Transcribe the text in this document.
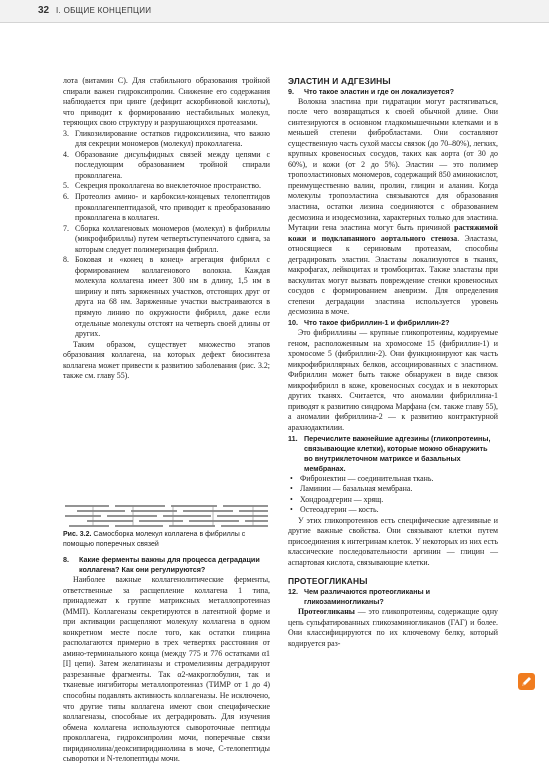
32 I. ОБЩИЕ КОНЦЕПЦИИ

лота (витамин С). Для стабильного образования тройной спирали важен гидроксипролин. Снижение его содержания наблюдается при цинге (дефицит аскорбиновой кислоты), что приводит к формированию нестабильных молекул, теряющих свою структуру и разрушающихся протеазами.

3. Гликозилирование остатков гидроксилизина, что важно для секреции мономеров (молекул) проколлагена.

4. Образование дисульфидных связей между цепями с последующим образованием тройной спирали проколлагена.

5. Секреция проколлагена во внеклеточное пространство.

6. Протеолиз амино- и карбоксил-концевых телопептидов проколлагенпептидазой, что приводит к преобразованию проколлагена в коллаген.

7. Сборка коллагеновых мономеров (молекул) в фибриллы (микрофибриллы) путем четвертьступенчатого сдвига, за которым следует полимеризация фибрилл.

8. Боковая и «конец в конец» агрегация фибрилл с формированием коллагенового волокна. Каждая молекула коллагена имеет 300 нм в длину, 1,5 нм в ширину и пять заряженных участков, отстоящих друг от друга на 68 нм. Заряженные участки выстраиваются в прямую линию по окружности фибрилл, даже если отдельные молекулы отстоят на четверть своей длины от других.

Таким образом, существует множество этапов образования коллагена, на которых дефект биосинтеза коллагена может привести к развитию заболевания (рис. 3.2; также см. главу 55).

Рис. 3.2. Самосборка молекул коллагена в фибриллы с помощью поперечных связей

8. Какие ферменты важны для процесса деградации коллагена? Как они регулируются?

Наиболее важные коллагенолитические ферменты, ответственные за расщепление коллагена 1 типа, принадлежат к группе матриксных металлопротеиназ (ММП). Коллагеназы секретируются в латентной форме и при активации расщепляют молекулу коллагена в одном конкретном месте после того, как остатки глицина располагаются примерно в трех четвертях расстояния от амино-терминального конца (между 775 и 776 остатками α1 [I] цепи). Затем желатиназы и стромелизины деградируют разрезанные фрагменты. Так α2-макроглобулин, так и тканевые ингибиторы металлопротеиназ (ТИМР от 1 до 4) способны подавлять активность коллагеназы. Не исключено, что другие типы коллагена имеют свои специфические коллагеназы, способные их деградировать. Для изучения обмена коллагена используются сывороточные пептиды проколлагена, гидроксипролин мочи, поперечные связи пиридинолина/деоксипиридинолина в моче, С-телопептиды сыворотки и N-телопептиды мочи.

ЭЛАСТИН И АДГЕЗИНЫ

9. Что такое эластин и где он локализуется?

Волокна эластина при гидратации могут растягиваться, после чего возвращаться к своей обычной длине. Они синтезируются в основном гладкомышечными клетками и в меньшей степени фибробластами. Они составляют существенную часть сухой массы связок (до 70–80%), легких, крупных кровеносных сосудов, таких как аорта (от 30 до 60%), и кожи (от 2 до 5%). Эластин — это полимер тропоэластиновых мономеров, содержащий 850 аминокислот, преимущественно валин, пролин, глицин и аланин. Когда молекулы тропоэластина связываются для образования эластина, остатки лизина соединяются с образованием десмозина и изодесмозина, характерных только для эластина. Мутации гена эластина могут быть причиной растяжимой кожи и подклапанного аортального стеноза. Эластазы, относящиеся к сериновым протеазам, способны деградировать эластин. Эластазы локализуются в тканях, макрофагах, лейкоцитах и тромбоцитах. Также эластазы при васкулитах могут вызвать повреждение стенки кровеносных сосудов с формированием аневризм. Для определения степени деградации эластина используется уровень десмозина в моче.

10. Что такое фибриллин-1 и фибриллин-2?

Это фибриллины — крупные гликопротеины, кодируемые геном, расположенным на хромосоме 15 (фибриллин-1) и хромосоме 5 (фибриллин-2). Они функционируют как часть микрофибриллярных белков, ассоциированных с эластином. Фибриллин может быть также обнаружен в виде связок микрофибрилл в коже, кровеносных сосудах и в некоторых других тканях. Считается, что аномалии фибриллина-1 приводят к развитию синдрома Марфана (см. также главу 55), а аномалии фибриллина-2 — к развитию контрактурной арахнодактилии.

11. Перечислите важнейшие адгезины (гликопротеины, связывающие клетки), которые можно обнаружить во внутриклеточном матриксе и базальных мембранах.

• Фибронектин — соединительная ткань.

• Ламинин — базальная мембрана.

• Хондроадгерин — хрящ.

• Остеоадгерин — кость.

У этих гликопротеинов есть специфические адгезивные и другие важные свойства. Они связывают клетки путем присоединения к интегринам клеток. У некоторых из них есть классические последовательности аргинин — глицин — аспартовая кислота, связывающие клетки.

ПРОТЕОГЛИКАНЫ

12. Чем различаются протеогликаны и гликозаминогликаны?

Протеогликаны — это гликопротеины, содержащие одну цепь сульфатированных гликозаминогликанов (ГАГ) и более. Они классифицируются по их ключевому белку, который кодируется раз-
